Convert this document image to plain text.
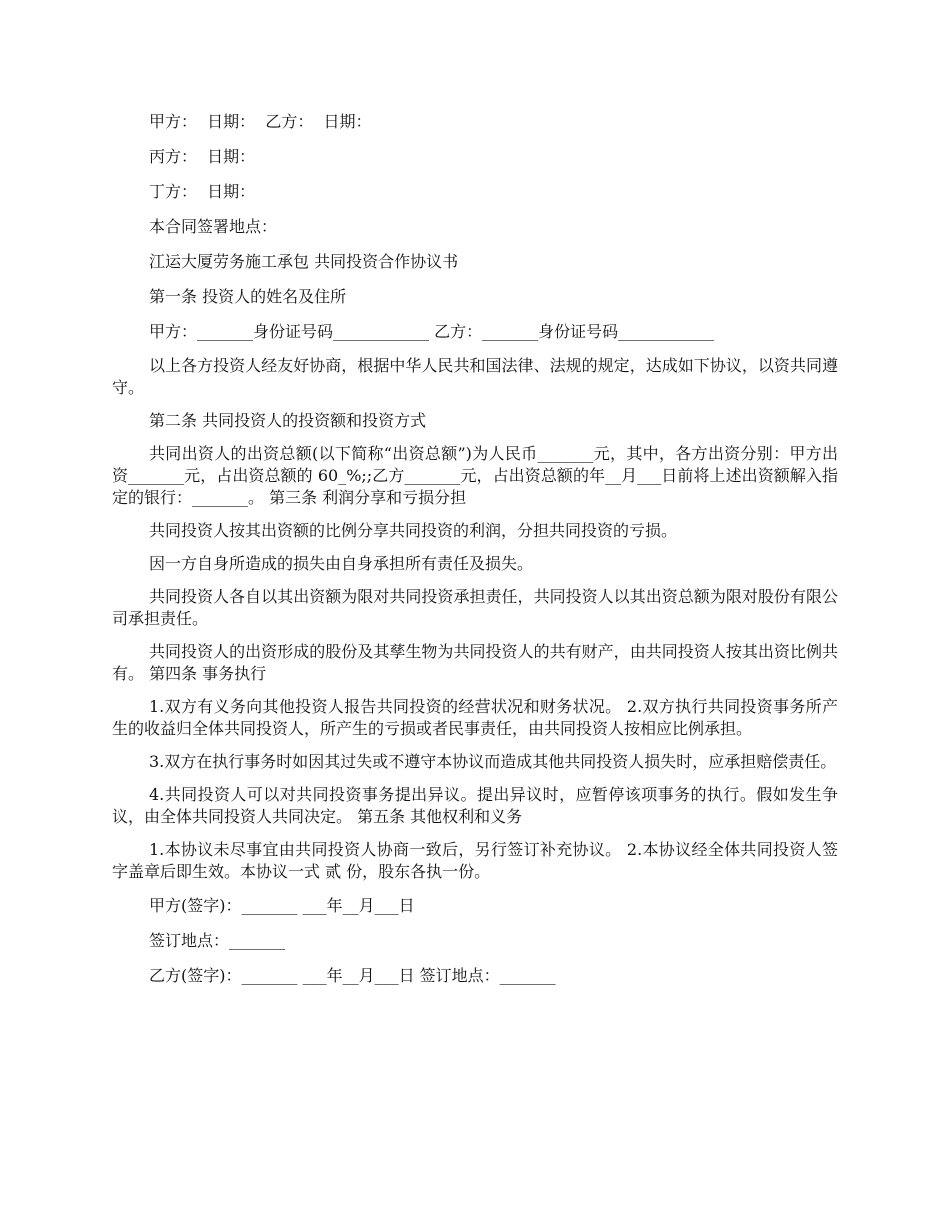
甲方：  日期：  乙方：  日期：
丙方：  日期：
丁方：  日期：
本合同签署地点：
江运大厦劳务施工承包 共同投资合作协议书
第一条 投资人的姓名及住所
甲方：_______身份证号码____________ 乙方：_______身份证号码____________

以上各方投资人经友好协商，根据中华人民共和国法律、法规的规定，达成如下协议，以资共同遵守。

第二条 共同投资人的投资额和投资方式

共同出资人的出资总额(以下简称“出资总额”)为人民币_______元，其中，各方出资分别：甲方出资_______元，占出资总额的 60_%;;乙方_______元，占出资总额的年__月___日前将上述出资额解入指定的银行：_______。 第三条 利润分享和亏损分担

共同投资人按其出资额的比例分享共同投资的利润，分担共同投资的亏损。

因一方自身所造成的损失由自身承担所有责任及损失。

共同投资人各自以其出资额为限对共同投资承担责任，共同投资人以其出资总额为限对股份有限公司承担责任。

共同投资人的出资形成的股份及其孳生物为共同投资人的共有财产，由共同投资人按其出资比例共有。 第四条 事务执行

1.双方有义务向其他投资人报告共同投资的经营状况和财务状况。 2.双方执行共同投资事务所产生的收益归全体共同投资人，所产生的亏损或者民事责任，由共同投资人按相应比例承担。

3.双方在执行事务时如因其过失或不遵守本协议而造成其他共同投资人损失时，应承担赔偿责任。

4.共同投资人可以对共同投资事务提出异议。提出异议时，应暂停该项事务的执行。假如发生争议，由全体共同投资人共同决定。 第五条 其他权利和义务

1.本协议未尽事宜由共同投资人协商一致后，另行签订补充协议。 2.本协议经全体共同投资人签字盖章后即生效。本协议一式 贰 份，股东各执一份。

甲方(签字)：_______ ___年__月___日
签订地点：_______
乙方(签字)：_______ ___年__月___日 签订地点：_______
